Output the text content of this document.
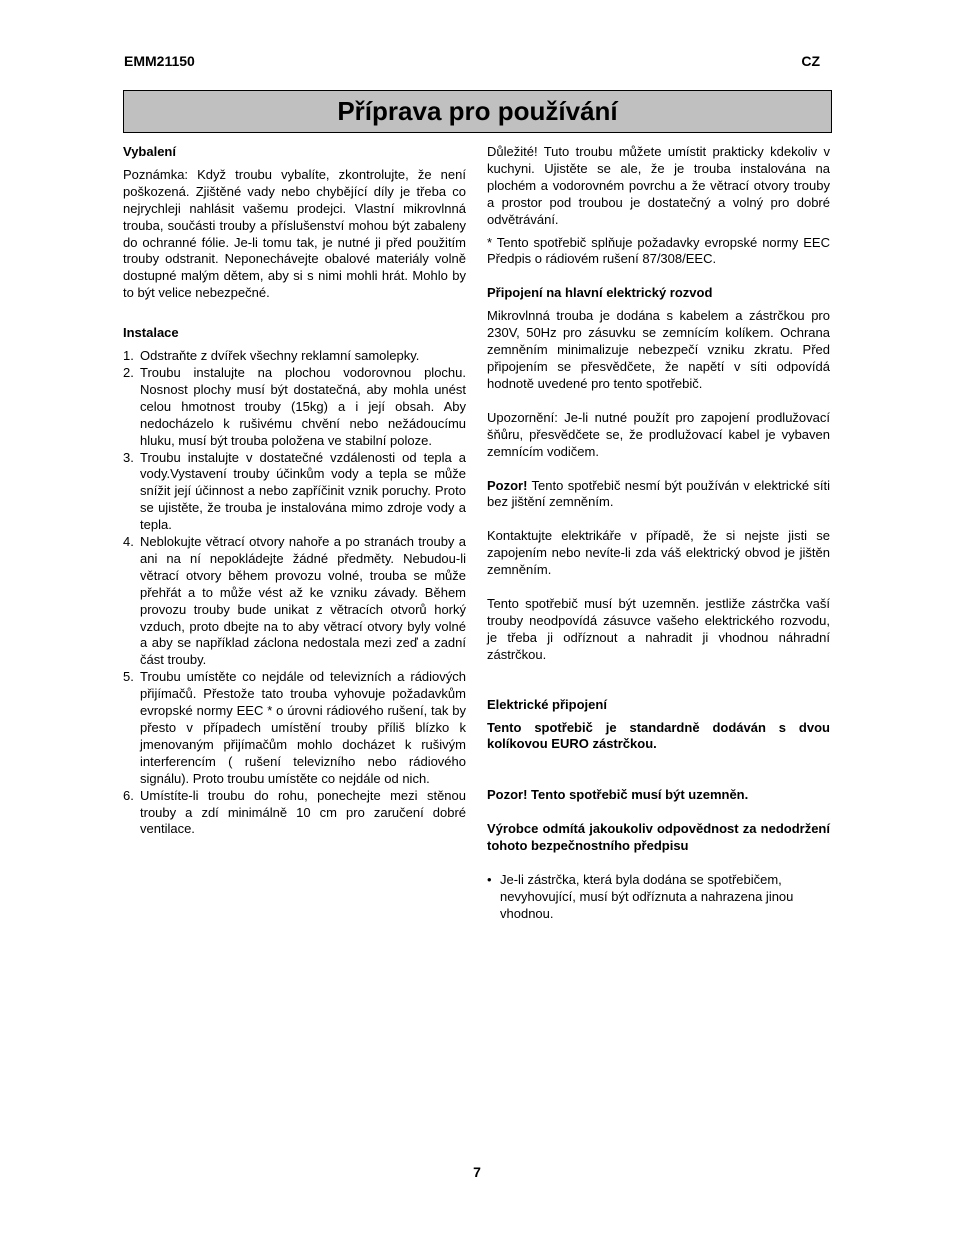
EMM21150	CZ
Příprava pro používání

Vybalení

Poznámka: Když troubu vybalíte, zkontrolujte, že není poškozená. Zjištěné vady nebo chybějící díly je třeba co nejrychleji nahlásit vašemu prodejci. Vlastní mikrovlnná trouba, součásti trouby a příslušenství mohou být zabaleny do ochranné fólie. Je-li tomu tak, je nutné ji před použitím trouby odstranit. Neponechávejte obalové materiály volně dostupné malým dětem, aby si s nimi mohli hrát. Mohlo by to být velice nebezpečné.

Instalace

1. Odstraňte z dvířek všechny reklamní samolepky.
2. Troubu instalujte na plochou vodorovnou plochu. Nosnost plochy musí být dostatečná, aby mohla unést celou hmotnost trouby (15kg) a i její obsah. Aby nedocházelo k rušivému chvění nebo nežádoucímu hluku, musí být trouba položena ve stabilní poloze.
3. Troubu instalujte v dostatečné vzdálenosti od tepla a vody.Vystavení trouby účinkům vody a tepla se může snížit její účinnost a nebo zapříčinit vznik poruchy. Proto se ujistěte, že trouba je instalována mimo zdroje vody a tepla.
4. Neblokujte větrací otvory nahoře a po stranách trouby a ani na ní nepokládejte žádné předměty. Nebudou-li větrací otvory během provozu volné, trouba se může přehřát a to může vést až ke vzniku závady. Během provozu trouby bude unikat z větracích otvorů horký vzduch, proto dbejte na to aby větrací otvory byly volné a aby se například záclona nedostala mezi zeď a zadní část trouby.
5. Troubu umístěte co nejdále od televizních a rádiových přijímačů. Přestože tato trouba vyhovuje požadavkům evropské normy EEC * o úrovni rádiového rušení, tak by přesto v případech umístění trouby příliš blízko k jmenovaným přijímačům mohlo docházet k rušivým interferencím ( rušení televizního nebo rádiového signálu). Proto troubu umístěte co nejdále od nich.
6. Umístíte-li troubu do rohu, ponechejte mezi stěnou trouby a zdí minimálně 10 cm pro zaručení dobré ventilace.

Důležité! Tuto troubu můžete umístit prakticky kdekoliv v kuchyni. Ujistěte se ale, že je trouba instalována na plochém a vodorovném povrchu a že větrací otvory trouby a prostor pod troubou je dostatečný a volný pro dobré odvětrávání.

* Tento spotřebič splňuje požadavky evropské normy EEC Předpis o rádiovém rušení 87/308/EEC.

Připojení na hlavní elektrický rozvod

Mikrovlnná trouba je dodána s kabelem a zástrčkou pro 230V, 50Hz pro zásuvku se zemnícím kolíkem. Ochrana zemněním minimalizuje nebezpečí vzniku zkratu. Před připojením se přesvědčete, že napětí v síti odpovídá hodnotě uvedené pro tento spotřebič.

Upozornění: Je-li nutné použít pro zapojení prodlužovací šňůru, přesvědčete se, že prodlužovací kabel je vybaven zemnícím vodičem.

Pozor! Tento spotřebič nesmí být používán v elektrické síti bez jištění zemněním.

Kontaktujte elektrikáře v případě, že si nejste jisti se zapojením nebo nevíte-li zda váš elektrický obvod je jištěn zemněním.

Tento spotřebič musí být uzemněn. jestliže zástrčka vaší trouby neodpovídá zásuvce vašeho elektrického rozvodu, je třeba ji odříznout a nahradit ji vhodnou náhradní zástrčkou.

Elektrické připojení

Tento spotřebič je standardně dodáván s dvou kolíkovou EURO zástrčkou.

Pozor! Tento spotřebič musí být uzemněn.

Výrobce odmítá jakoukoliv odpovědnost za nedodržení tohoto bezpečnostního předpisu

• Je-li zástrčka, která byla dodána se spotřebičem, nevyhovující, musí být odříznuta a nahrazena jinou vhodnou.
7
